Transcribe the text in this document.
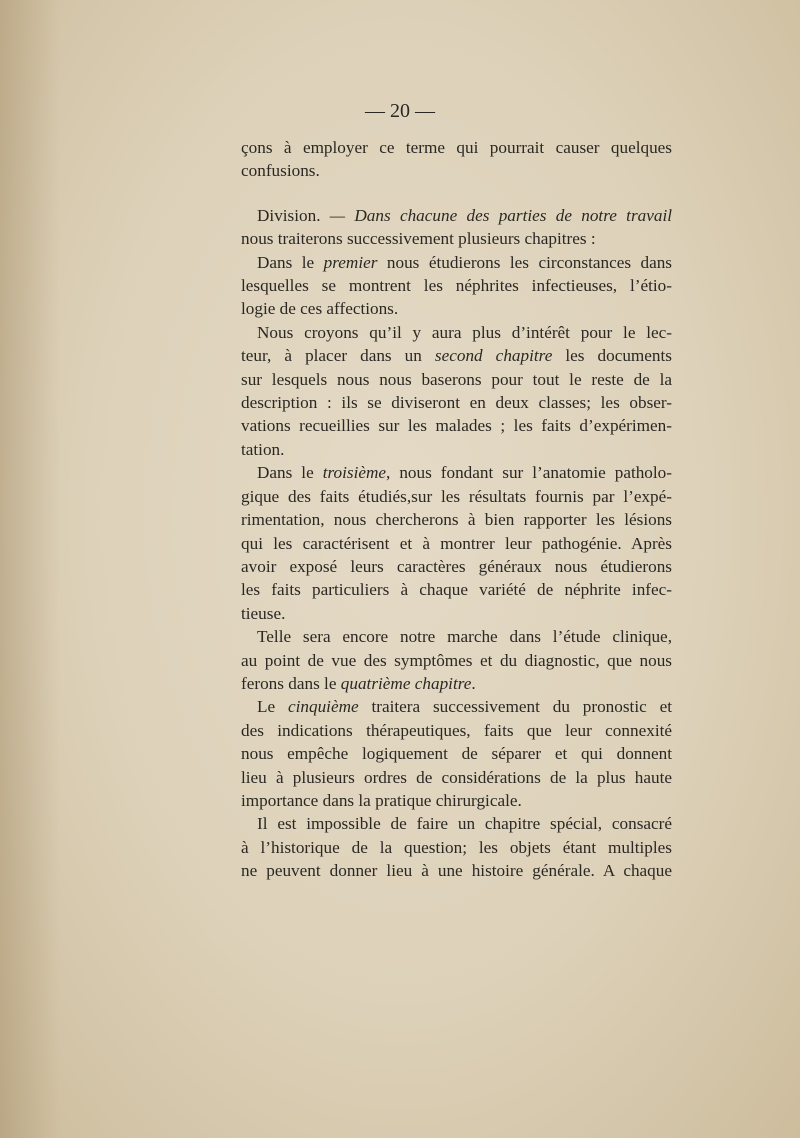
— 20 —
çons à employer ce terme qui pourrait causer quelques
confusions.
Division. — Dans chacune des parties de notre travail
nous traiterons successivement plusieurs chapitres :
Dans le premier nous étudierons les circonstances dans
lesquelles se montrent les néphrites infectieuses, l’étio-
logie de ces affections.
Nous croyons qu’il y aura plus d’intérêt pour le lec-
teur, à placer dans un second chapitre les documents
sur lesquels nous nous baserons pour tout le reste de la
description : ils se diviseront en deux classes; les obser-
vations recueillies sur les malades ; les faits d’expérimen-
tation.
Dans le troisième, nous fondant sur l’anatomie patholo-
gique des faits étudiés,sur les résultats fournis par l’expé-
rimentation, nous chercherons à bien rapporter les lésions
qui les caractérisent et à montrer leur pathogénie. Après
avoir exposé leurs caractères généraux nous étudierons
les faits particuliers à chaque variété de néphrite infec-
tieuse.
Telle sera encore notre marche dans l’étude clinique,
au point de vue des symptômes et du diagnostic, que nous
ferons dans le quatrième chapitre.
Le cinquième traitera successivement du pronostic et
des indications thérapeutiques, faits que leur connexité
nous empêche logiquement de séparer et qui donnent
lieu à plusieurs ordres de considérations de la plus haute
importance dans la pratique chirurgicale.
Il est impossible de faire un chapitre spécial, consacré
à l’historique de la question; les objets étant multiples
ne peuvent donner lieu à une histoire générale. A chaque
